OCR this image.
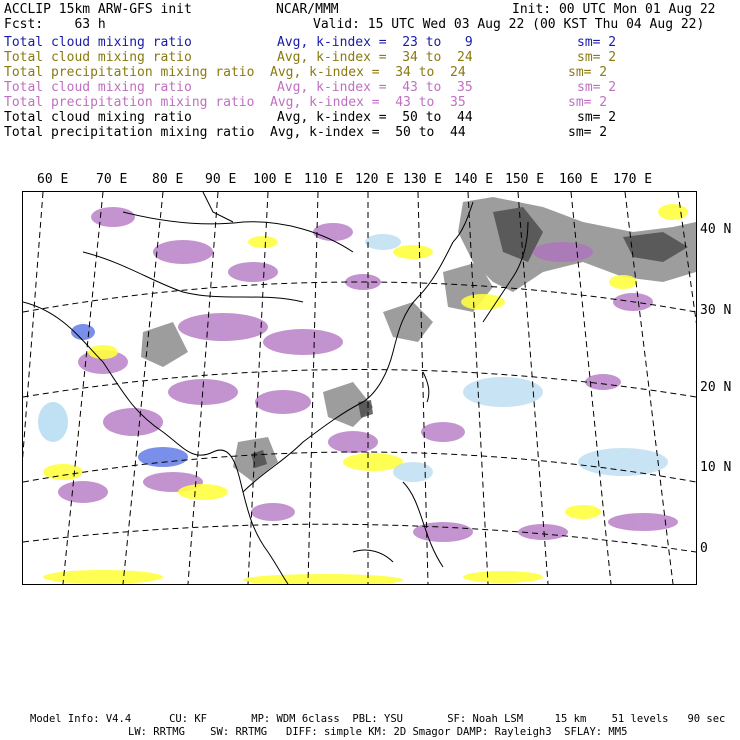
ACCLIP 15km ARW-GFS init	NCAR/MMM	Init: 00 UTC Mon 01 Aug 22
Fcst:    63 h	Valid: 15 UTC Wed 03 Aug 22 (00 KST Thu 04 Aug 22)
Total cloud mixing ratio	Avg, k-index =  23 to   9	sm= 2
Total cloud mixing ratio	Avg, k-index =  34 to  24	sm= 2
Total precipitation mixing ratio Avg, k-index =  34 to  24	sm= 2
Total cloud mixing ratio	Avg, k-index =  43 to  35	sm= 2
Total precipitation mixing ratio Avg, k-index =  43 to  35	sm= 2
Total cloud mixing ratio	Avg, k-index =  50 to  44	sm= 2
Total precipitation mixing ratio Avg, k-index =  50 to  44	sm= 2
60 E 70 E 80 E 90 E 100 E 110 E 120 E 130 E 140 E 150 E 160 E 170 E
40 N
30 N
20 N
10 N
0
Model Info: V4.4      CU: KF       MP: WDM 6class  PBL: YSU       SF: Noah LSM     15 km    51 levels   90 sec
LW: RRTMG    SW: RRTMG   DIFF: simple KM: 2D Smagor DAMP: Rayleigh3  SFLAY: MM5
